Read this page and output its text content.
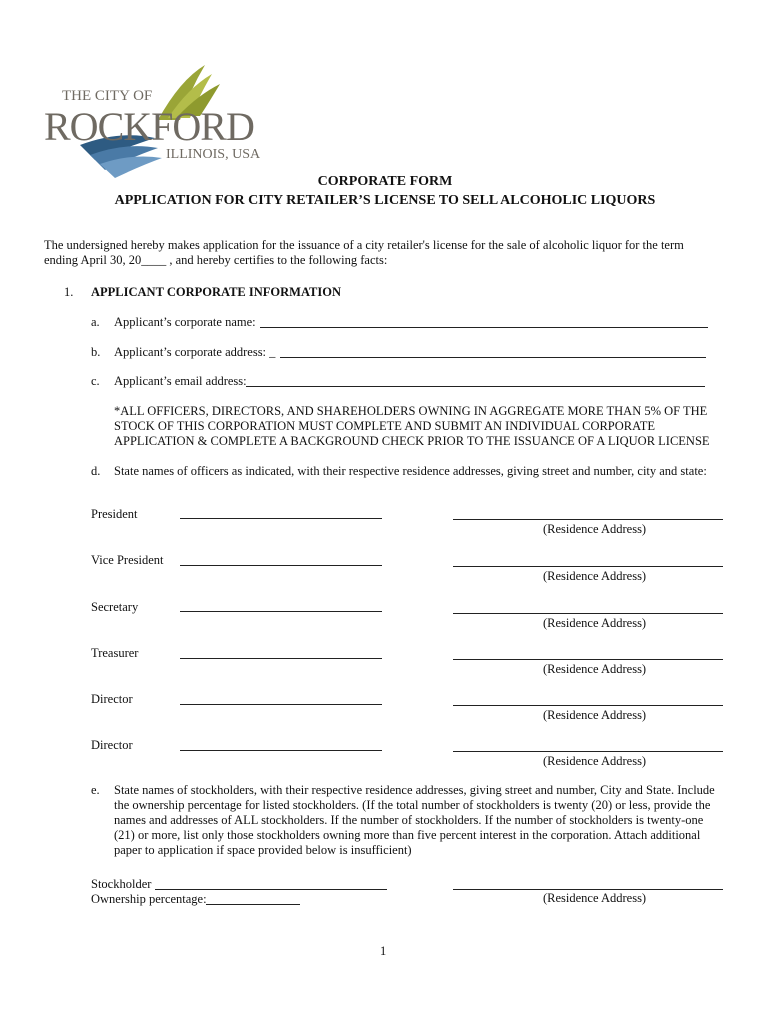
THE CITY OF
ROCKFORD
ILLINOIS, USA
CORPORATE FORM
APPLICATION FOR CITY RETAILER’S LICENSE TO SELL ALCOHOLIC LIQUORS
The undersigned hereby makes application for the issuance of a city retailer's license for the sale of alcoholic liquor for the term
ending April 30, 20____ , and hereby certifies to the following facts:
1. APPLICANT CORPORATE INFORMATION
a. Applicant’s corporate name:
b. Applicant’s corporate address: _
c. Applicant’s email address:
*ALL OFFICERS, DIRECTORS, AND SHAREHOLDERS OWNING IN AGGREGATE MORE THAN 5% OF THE
STOCK OF THIS CORPORATION MUST COMPLETE AND SUBMIT AN INDIVIDUAL CORPORATE
APPLICATION & COMPLETE A BACKGROUND CHECK PRIOR TO THE ISSUANCE OF A LIQUOR LICENSE
d. State names of officers as indicated, with their respective residence addresses, giving street and number, city and state:
President
(Residence Address)
Vice President
(Residence Address)
Secretary
(Residence Address)
Treasurer
(Residence Address)
Director
(Residence Address)
Director
(Residence Address)
e. State names of stockholders, with their respective residence addresses, giving street and number, City and State. Include
the ownership percentage for listed stockholders. (If the total number of stockholders is twenty (20) or less, provide the
names and addresses of ALL stockholders. If the number of stockholders. If the number of stockholders is twenty-one
(21) or more, list only those stockholders owning more than five percent interest in the corporation. Attach additional
paper to application if space provided below is insufficient)
Stockholder
Ownership percentage:	(Residence Address)
1
